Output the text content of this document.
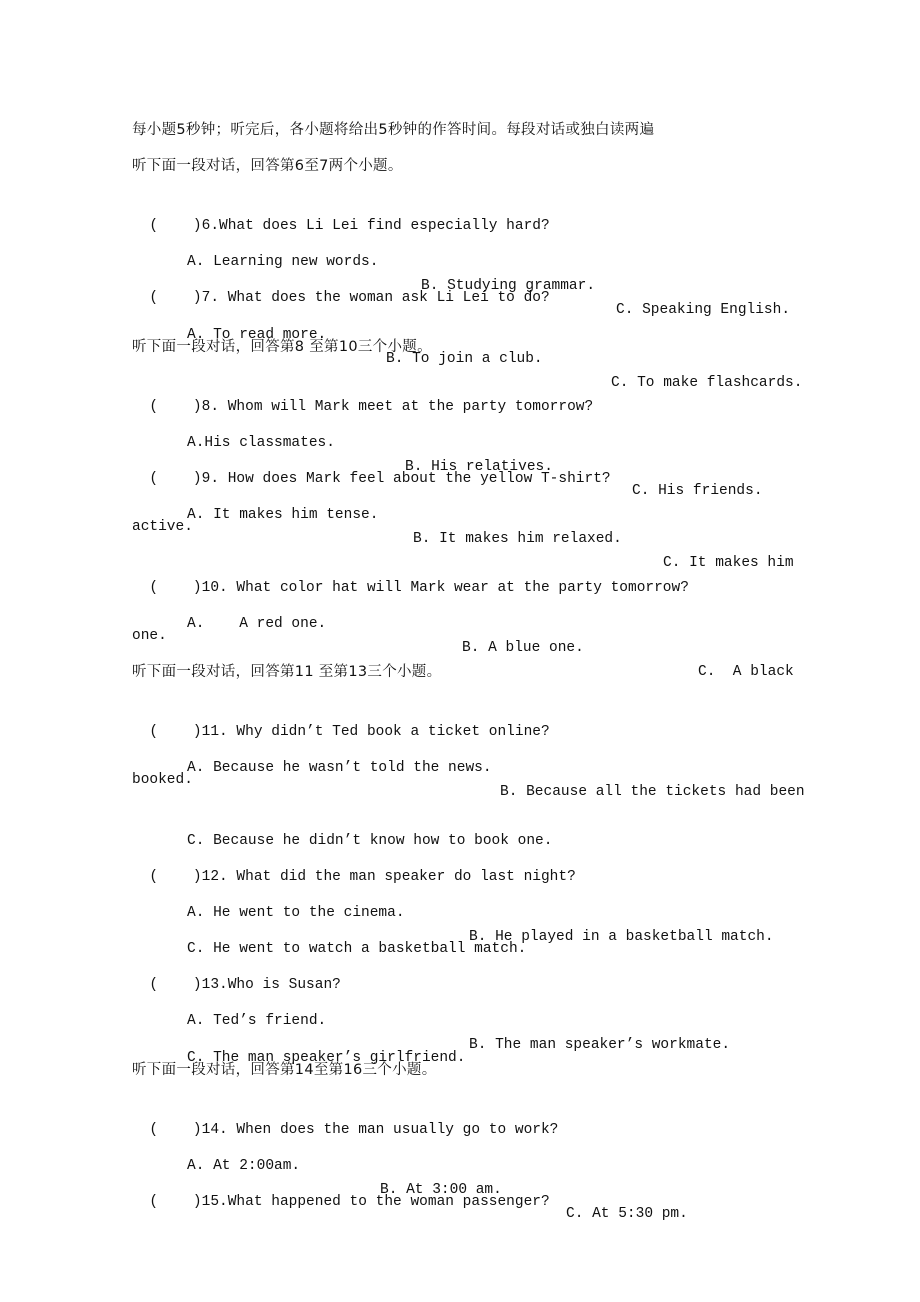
每小题5秒钟；听完后，各小题将给出5秒钟的作答时间。每段对话或独白读两遍
听下面一段对话，回答第6至7两个小题。

(    )6.What does Li Lei find especially hard?

A. Learning new words.

B. Studying grammar.

C. Speaking English.

(    )7. What does the woman ask Li Lei to do?

A. To read more.

B. To join a club.

C. To make flashcards.

听下面一段对话，回答第8 至第10三个小题。

(    )8. Whom will Mark meet at the party tomorrow?

A.His classmates.

B. His relatives.

C. His friends.

(    )9. How does Mark feel about the yellow T-shirt?

A. It makes him tense.

B. It makes him relaxed.

C. It makes him

active.

(    )10. What color hat will Mark wear at the party tomorrow?

A.    A red one.

B. A blue one.

C.  A black

one.
听下面一段对话，回答第11 至第13三个小题。

(    )11. Why didn’t Ted book a ticket online?

A. Because he wasn’t told the news.

B. Because all the tickets had been

booked.

C. Because he didn’t know how to book one.

(    )12. What did the man speaker do last night?

A. He went to the cinema.

B. He played in a basketball match.

C. He went to watch a basketball match.

(    )13.Who is Susan?

A. Ted’s friend.

B. The man speaker’s workmate.

C. The man speaker’s girlfriend.

听下面一段对话，回答第14至第16三个小题。

(    )14. When does the man usually go to work?

A. At 2:00am.

B. At 3:00 am.

C. At 5:30 pm.

(    )15.What happened to the woman passenger?
